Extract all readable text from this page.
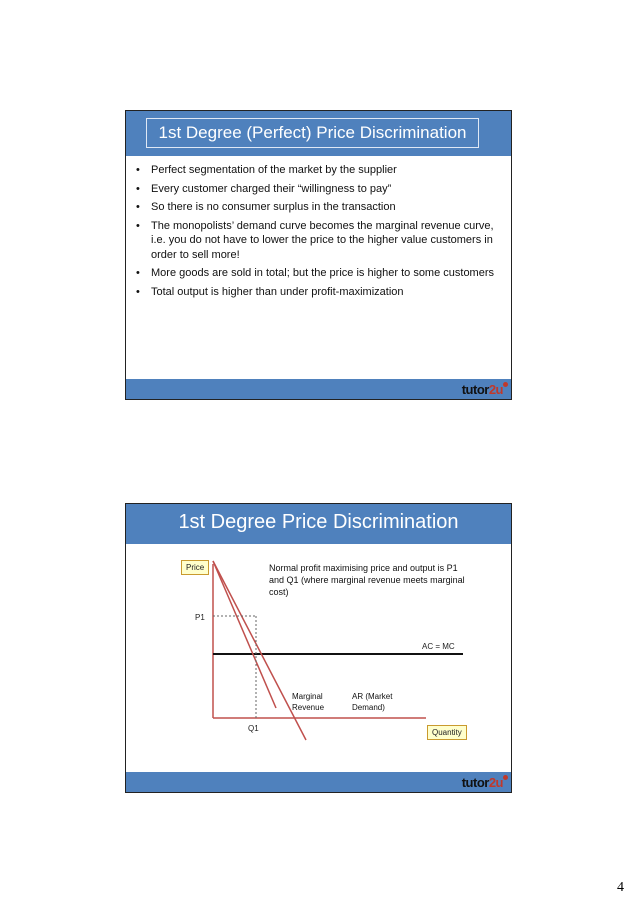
1st Degree (Perfect) Price Discrimination
• Perfect segmentation of the market by the supplier
• Every customer charged their “willingness to pay”
• So there is no consumer surplus in the transaction
• The monopolists’ demand curve becomes the marginal revenue curve, i.e. you do not have to lower the price to the higher value customers in order to sell more!
• More goods are sold in total; but the price is higher to some customers
• Total output is higher than under profit-maximization
tutor2u
1st Degree Price Discrimination
Price
Quantity
P1
Q1
AC = MC
Normal profit maximising price and output is P1 and Q1 (where marginal revenue meets marginal cost)
Marginal Revenue
AR (Market Demand)
tutor2u
4
